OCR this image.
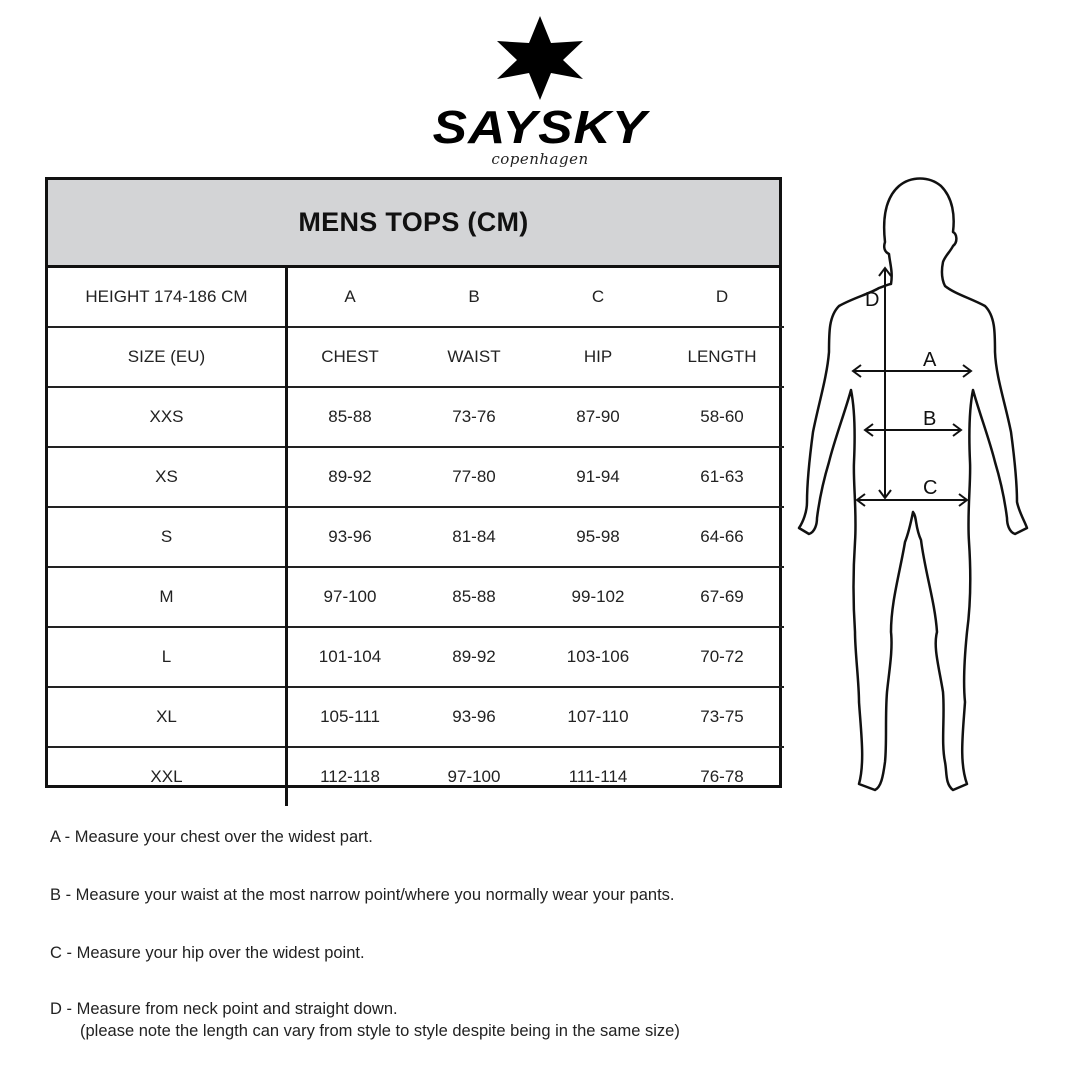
SAYSKY
copenhagen
MENS TOPS (CM)
HEIGHT 174-186 CM	A	B	C	D
SIZE (EU)	CHEST	WAIST	HIP	LENGTH
XXS	85-88	73-76	87-90	58-60
XS	89-92	77-80	91-94	61-63
S	93-96	81-84	95-98	64-66
M	97-100	85-88	99-102	67-69
L	101-104	89-92	103-106	70-72
XL	105-111	93-96	107-110	73-75
XXL	112-118	97-100	111-114	76-78
D
A
B
C
A - Measure your chest over the widest part.
B - Measure your waist at the most narrow point/where you normally wear your pants.
C - Measure your hip over the widest point.
D - Measure from neck point and straight down.
(please note the length can vary from style to style despite being in the same size)
